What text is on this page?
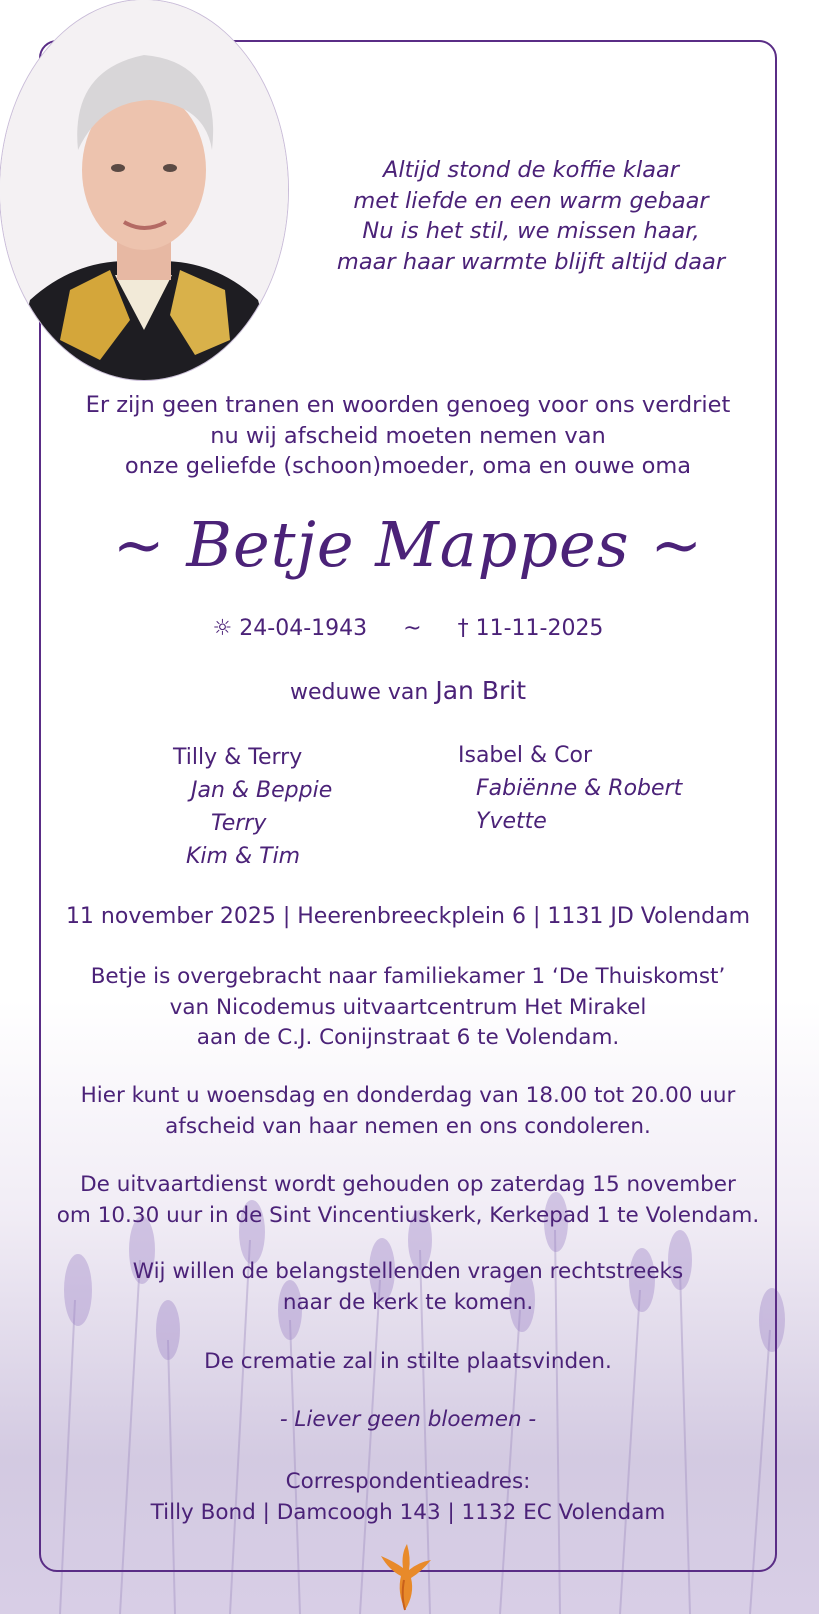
Altijd stond de koffie klaar
met liefde en een warm gebaar
Nu is het stil, we missen haar,
maar haar warmte blijft altijd daar
Er zijn geen tranen en woorden genoeg voor ons verdriet
nu wij afscheid moeten nemen van
onze geliefde (schoon)moeder, oma en ouwe oma
~ Betje Mappes ~
☼ 24-04-1943 ~ † 11-11-2025
weduwe van Jan Brit
Tilly & Terry
Jan & Beppie
Terry
Kim & Tim
Isabel & Cor
Fabiënne & Robert
Yvette
11 november 2025 | Heerenbreeckplein 6 | 1131 JD Volendam
Betje is overgebracht naar familiekamer 1 ‘De Thuiskomst’
van Nicodemus uitvaartcentrum Het Mirakel
aan de C.J. Conijnstraat 6 te Volendam.
Hier kunt u woensdag en donderdag van 18.00 tot 20.00 uur
afscheid van haar nemen en ons condoleren.
De uitvaartdienst wordt gehouden op zaterdag 15 november
om 10.30 uur in de Sint Vincentiuskerk, Kerkepad 1 te Volendam.
Wij willen de belangstellenden vragen rechtstreeks
naar de kerk te komen.
De crematie zal in stilte plaatsvinden.
- Liever geen bloemen -
Correspondentieadres:
Tilly Bond | Damcoogh 143 | 1132 EC Volendam
